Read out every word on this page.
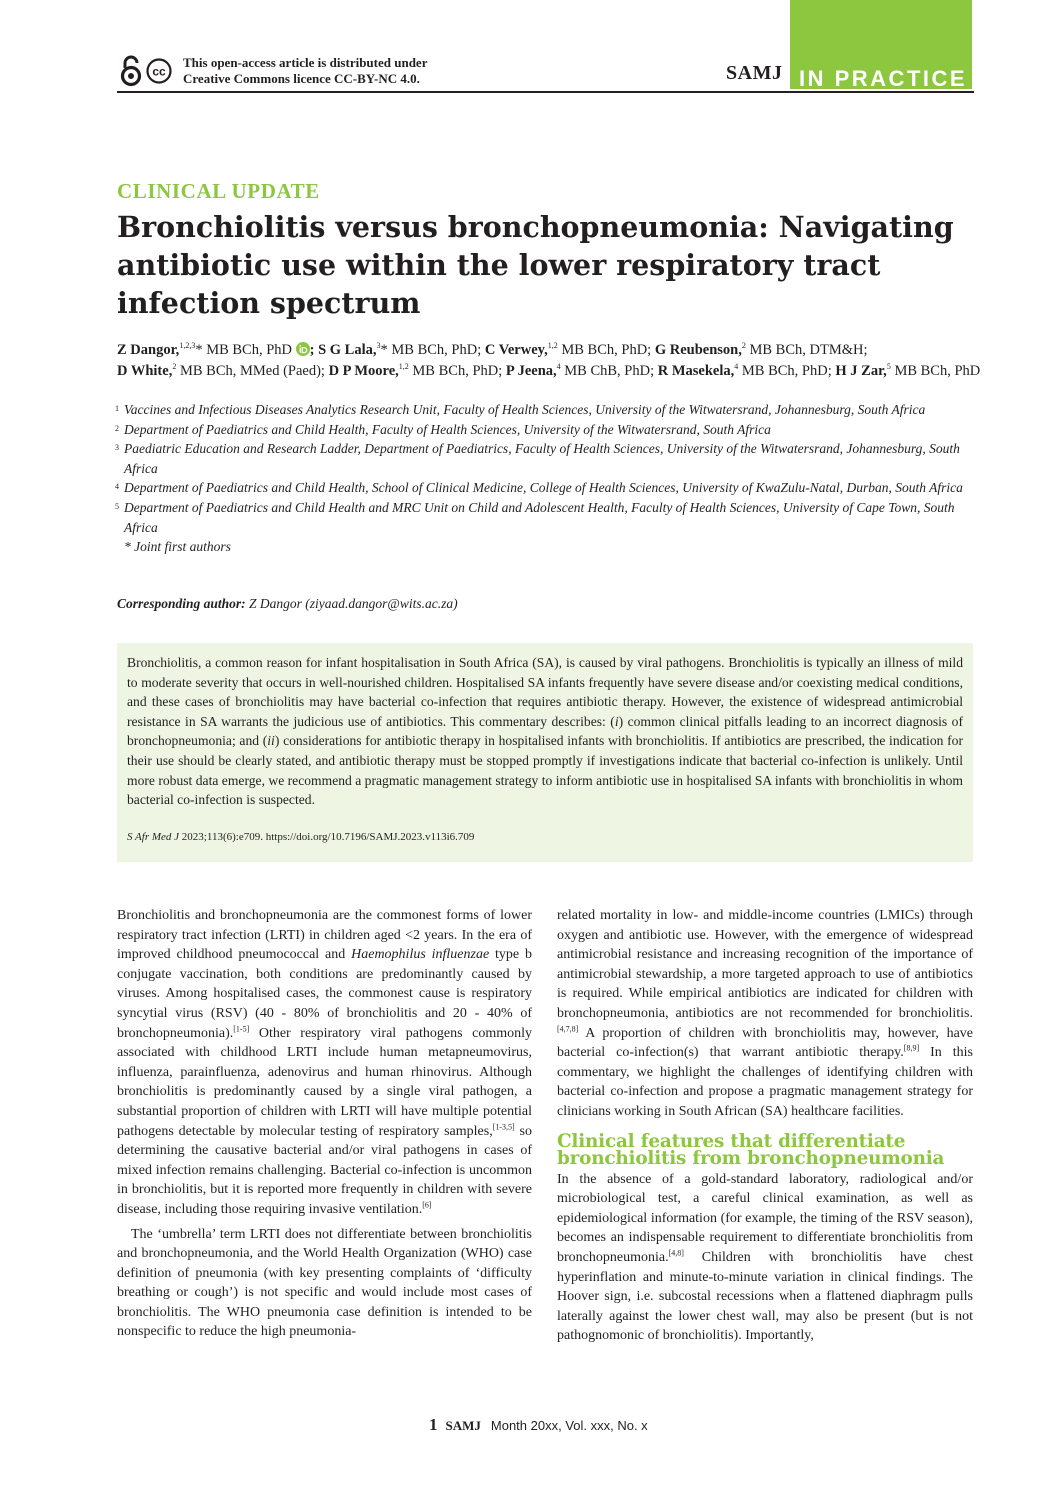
cc
This open-access article is distributed under
Creative Commons licence CC-BY-NC 4.0.	SAMJ IN PRACTICE
CLINICAL UPDATE
Bronchiolitis versus bronchopneumonia: Navigating antibiotic use within the lower respiratory tract infection spectrum

Z Dangor,$^{1,2,3}$* MB BCh, PhD ; S G Lala,$^3$* MB BCh, PhD; C Verwey,$^{1,2}$ MB BCh, PhD; G Reubenson,$^2$ MB BCh, DTM&H;

D White,$^2$ MB BCh, MMed (Paed); D P Moore,$^{1,2}$ MB BCh, PhD; P Jeena,$^4$ MB ChB, PhD; R Masekela,$^4$ MB BCh, PhD; H J Zar,$^5$ MB BCh, PhD

1 Vaccines and Infectious Diseases Analytics Research Unit, Faculty of Health Sciences, University of the Witwatersrand, Johannesburg, South Africa
2 Department of Paediatrics and Child Health, Faculty of Health Sciences, University of the Witwatersrand, South Africa
3 Paediatric Education and Research Ladder, Department of Paediatrics, Faculty of Health Sciences, University of the Witwatersrand, Johannesburg, South Africa
4 Department of Paediatrics and Child Health, School of Clinical Medicine, College of Health Sciences, University of KwaZulu-Natal, Durban, South Africa
5 Department of Paediatrics and Child Health and MRC Unit on Child and Adolescent Health, Faculty of Health Sciences, University of Cape Town, South Africa
* Joint first authors
Corresponding author: Z Dangor (ziyaad.dangor@wits.ac.za)

Bronchiolitis, a common reason for infant hospitalisation in South Africa (SA), is caused by viral pathogens. Bronchiolitis is typically an illness of mild to moderate severity that occurs in well-nourished children. Hospitalised SA infants frequently have severe disease and/or coexisting medical conditions, and these cases of bronchiolitis may have bacterial co-infection that requires antibiotic therapy. However, the existence of widespread antimicrobial resistance in SA warrants the judicious use of antibiotics. This commentary describes: (i) common clinical pitfalls leading to an incorrect diagnosis of bronchopneumonia; and (ii) considerations for antibiotic therapy in hospitalised infants with bronchiolitis. If antibiotics are prescribed, the indication for their use should be clearly stated, and antibiotic therapy must be stopped promptly if investigations indicate that bacterial co-infection is unlikely. Until more robust data emerge, we recommend a pragmatic management strategy to inform antibiotic use in hospitalised SA infants with bronchiolitis in whom bacterial co-infection is suspected.

S Afr Med J 2023;113(6):e709. https://doi.org/10.7196/SAMJ.2023.v113i6.709

Bronchiolitis and bronchopneumonia are the commonest forms of lower respiratory tract infection (LRTI) in children aged <2 years. In the era of improved childhood pneumococcal and Haemophilus influenzae type b conjugate vaccination, both conditions are predominantly caused by viruses. Among hospitalised cases, the commonest cause is respiratory syncytial virus (RSV) (40 - 80% of bronchiolitis and 20 - 40% of bronchopneumonia).[1-5] Other respiratory viral pathogens commonly associated with childhood LRTI include human metapneumovirus, influenza, parainfluenza, adenovirus and human rhinovirus. Although bronchiolitis is predominantly caused by a single viral pathogen, a substantial proportion of children with LRTI will have multiple potential pathogens detectable by molecular testing of respiratory samples,[1-3,5] so determining the causative bacterial and/or viral pathogens in cases of mixed infection remains challenging. Bacterial co-infection is uncommon in bronchiolitis, but it is reported more frequently in children with severe disease, including those requiring invasive ventilation.[6]

The ‘umbrella’ term LRTI does not differentiate between bronchiolitis and bronchopneumonia, and the World Health Organization (WHO) case definition of pneumonia (with key presenting complaints of ‘difficulty breathing or cough’) is not specific and would include most cases of bronchiolitis. The WHO pneumonia case definition is intended to be nonspecific to reduce the high pneumonia-

related mortality in low- and middle-income countries (LMICs) through oxygen and antibiotic use. However, with the emergence of widespread antimicrobial resistance and increasing recognition of the importance of antimicrobial stewardship, a more targeted approach to use of antibiotics is required. While empirical antibiotics are indicated for children with bronchopneumonia, antibiotics are not recommended for bronchiolitis.[4,7,8] A proportion of children with bronchiolitis may, however, have bacterial co-infection(s) that warrant antibiotic therapy.[8,9] In this commentary, we highlight the challenges of identifying children with bacterial co-infection and propose a pragmatic management strategy for clinicians working in South African (SA) healthcare facilities.

Clinical features that differentiate bronchiolitis from bronchopneumonia

In the absence of a gold-standard laboratory, radiological and/or microbiological test, a careful clinical examination, as well as epidemiological information (for example, the timing of the RSV season), becomes an indispensable requirement to differentiate bronchiolitis from bronchopneumonia.[4,8] Children with bronchiolitis have chest hyperinflation and minute-to-minute variation in clinical findings. The Hoover sign, i.e. subcostal recessions when a flattened diaphragm pulls laterally against the lower chest wall, may also be present (but is not pathognomonic of bronchiolitis). Importantly,

1 SAMJ Month 20xx, Vol. xxx, No. x
